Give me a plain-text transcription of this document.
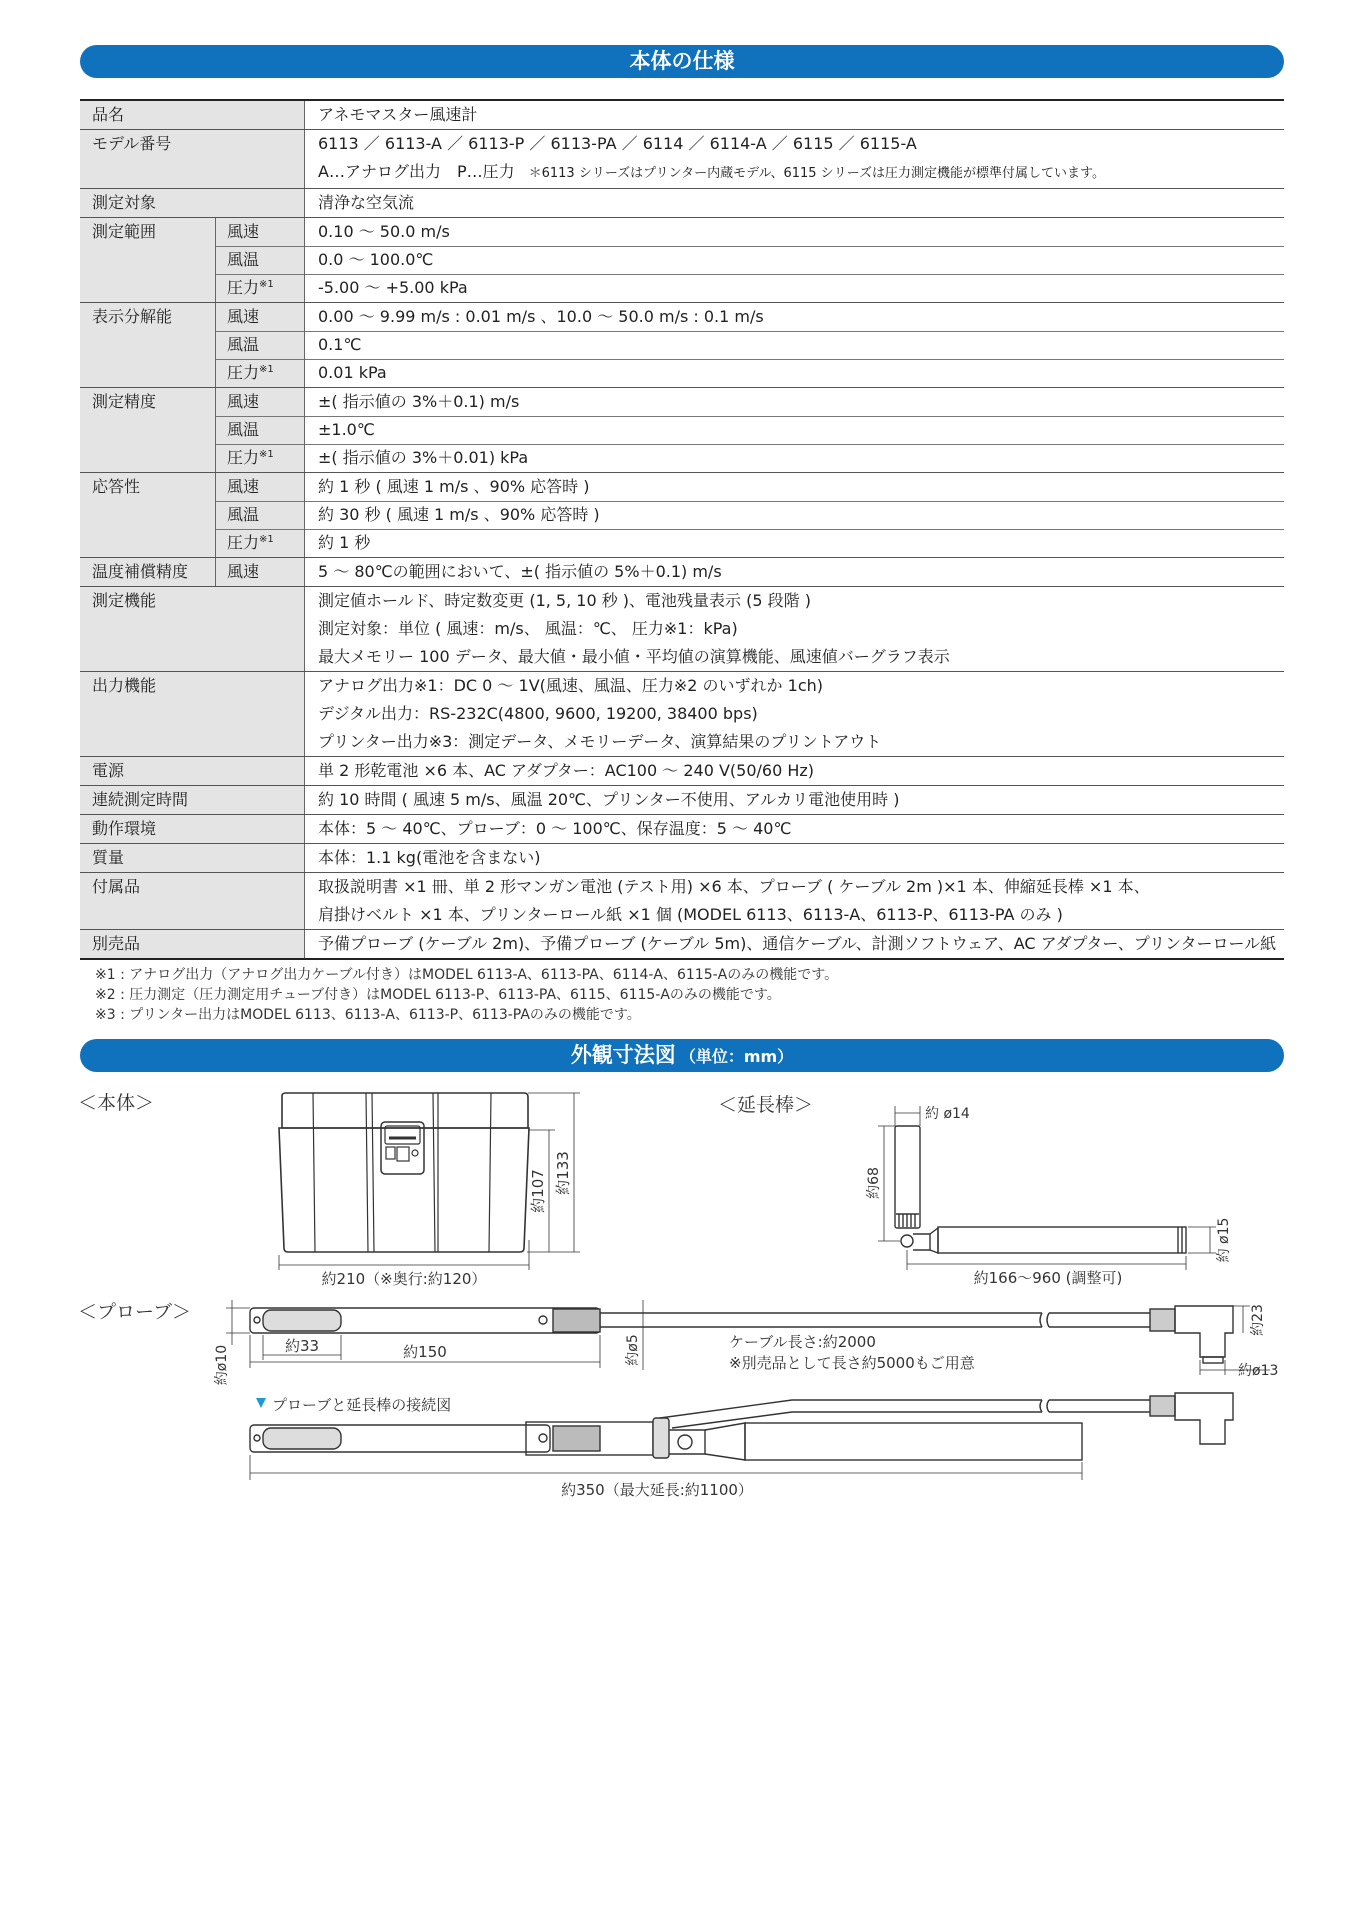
本体の仕様
品名	アネモマスター風速計
モデル番号	6113 ／ 6113-A ／ 6113-P ／ 6113-PA ／ 6114 ／ 6114-A ／ 6115 ／ 6115-A
A…アナログ出力　P…圧力 ＊6113 シリーズはプリンター内蔵モデル、6115 シリーズは圧力測定機能が標準付属しています。
測定対象	清浄な空気流
測定範囲	風速	0.10 ～ 50.0 m/s
風温	0.0 ～ 100.0℃
圧力$^{※1}$	-5.00 ～ +5.00 kPa
表示分解能	風速	0.00 ～ 9.99 m/s : 0.01 m/s 、10.0 ～ 50.0 m/s : 0.1 m/s
風温	0.1℃
圧力$^{※1}$	0.01 kPa
測定精度	風速	±( 指示値の 3%＋0.1) m/s
風温	±1.0℃
圧力$^{※1}$	±( 指示値の 3%＋0.01) kPa
応答性	風速	約 1 秒 ( 風速 1 m/s 、90% 応答時 )
風温	約 30 秒 ( 風速 1 m/s 、90% 応答時 )
圧力$^{※1}$	約 1 秒
温度補償精度	風速	5 ～ 80℃の範囲において、±( 指示値の 5%＋0.1) m/s
測定機能	測定値ホールド、時定数変更 (1, 5, 10 秒 )、電池残量表示 (5 段階 )
測定対象：単位 ( 風速：m/s、 風温：℃、 圧力※1：kPa)
最大メモリー 100 データ、最大値・最小値・平均値の演算機能、風速値バーグラフ表示
出力機能	アナログ出力※1：DC 0 ～ 1V(風速、風温、圧力※2 のいずれか 1ch)
デジタル出力：RS-232C(4800, 9600, 19200, 38400 bps)
プリンター出力※3：測定データ、メモリーデータ、演算結果のプリントアウト
電源	単 2 形乾電池 ×6 本、AC アダプター：AC100 ～ 240 V(50/60 Hz)
連続測定時間	約 10 時間 ( 風速 5 m/s、風温 20℃、プリンター不使用、アルカリ電池使用時 )
動作環境	本体：5 ～ 40℃、プローブ：0 ～ 100℃、保存温度：5 ～ 40℃
質量	本体：1.1 kg(電池を含まない)
付属品	取扱説明書 ×1 冊、単 2 形マンガン電池 (テスト用) ×6 本、プローブ ( ケーブル 2m )×1 本、伸縮延長棒 ×1 本、
肩掛けベルト ×1 本、プリンターロール紙 ×1 個 (MODEL 6113、6113-A、6113-P、6113-PA のみ )
別売品	予備プローブ (ケーブル 2m)、予備プローブ (ケーブル 5m)、通信ケーブル、計測ソフトウェア、AC アダプター、プリンターロール紙
※1 : アナログ出力（アナログ出力ケーブル付き）はMODEL 6113-A、6113-PA、6114-A、6115-Aのみの機能です。
※2 : 圧力測定（圧力測定用チューブ付き）はMODEL 6113-P、6113-PA、6115、6115-Aのみの機能です。
※3 : プリンター出力はMODEL 6113、6113-A、6113-P、6113-PAのみの機能です。
外観寸法図 （単位：mm）
＜本体＞	＜延長棒＞
＜プローブ＞
約210（※奥行:約120）
約107 約133
約 ø14
約68
約166～960 (調整可)
約 ø15
約ø10	約33	約150	約ø5	ケーブル長さ:約2000
※別売品として長さ約5000もご用意
約23
約ø13
プローブと延長棒の接続図
約350（最大延長:約1100）
